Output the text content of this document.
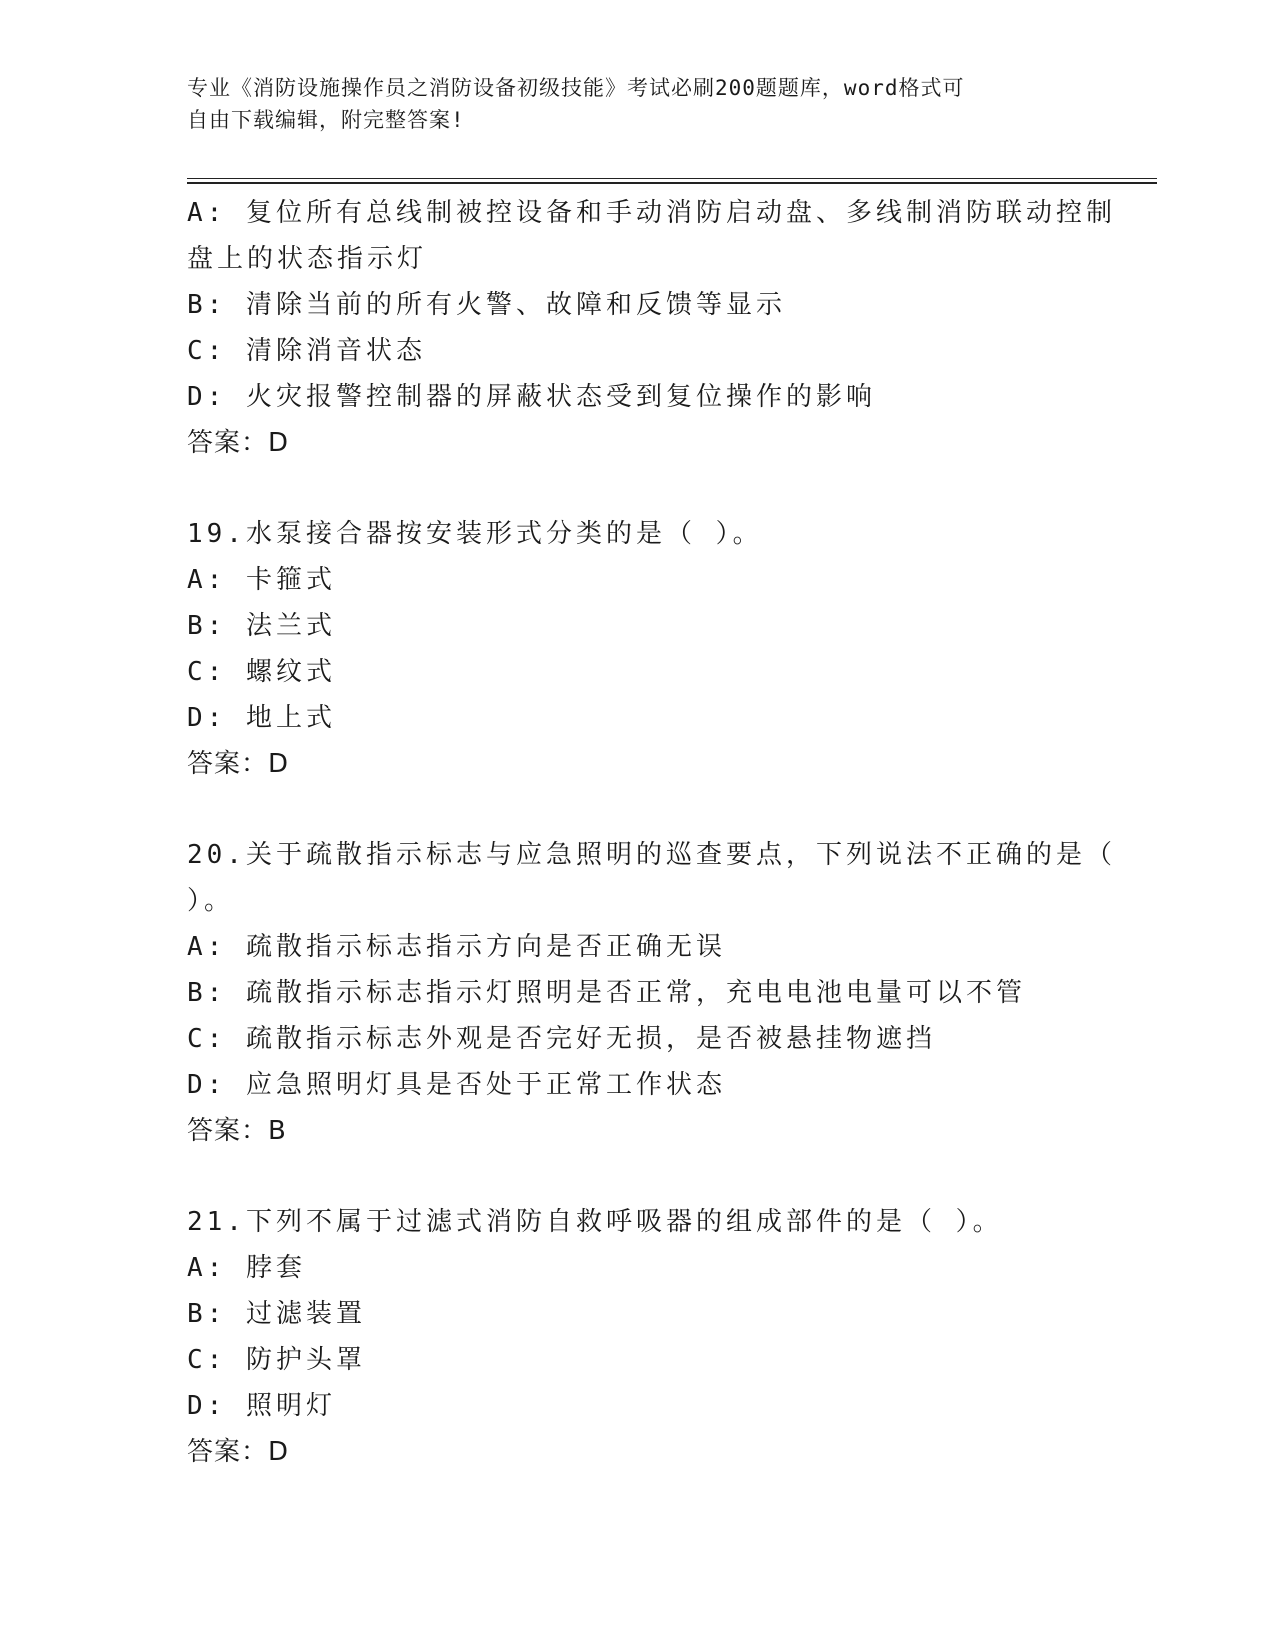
专业《消防设施操作员之消防设备初级技能》考试必刷200题题库，word格式可
自由下载编辑，附完整答案!
A: 复位所有总线制被控设备和手动消防启动盘、多线制消防联动控制
盘上的状态指示灯
B: 清除当前的所有火警、故障和反馈等显示
C: 清除消音状态
D: 火灾报警控制器的屏蔽状态受到复位操作的影响
答案：D
19.水泵接合器按安装形式分类的是（ ）。
A: 卡箍式
B: 法兰式
C: 螺纹式
D: 地上式
答案：D
20.关于疏散指示标志与应急照明的巡查要点，下列说法不正确的是（
）。
A: 疏散指示标志指示方向是否正确无误
B: 疏散指示标志指示灯照明是否正常，充电电池电量可以不管
C: 疏散指示标志外观是否完好无损，是否被悬挂物遮挡
D: 应急照明灯具是否处于正常工作状态
答案：B
21.下列不属于过滤式消防自救呼吸器的组成部件的是（ ）。
A: 脖套
B: 过滤装置
C: 防护头罩
D: 照明灯
答案：D
